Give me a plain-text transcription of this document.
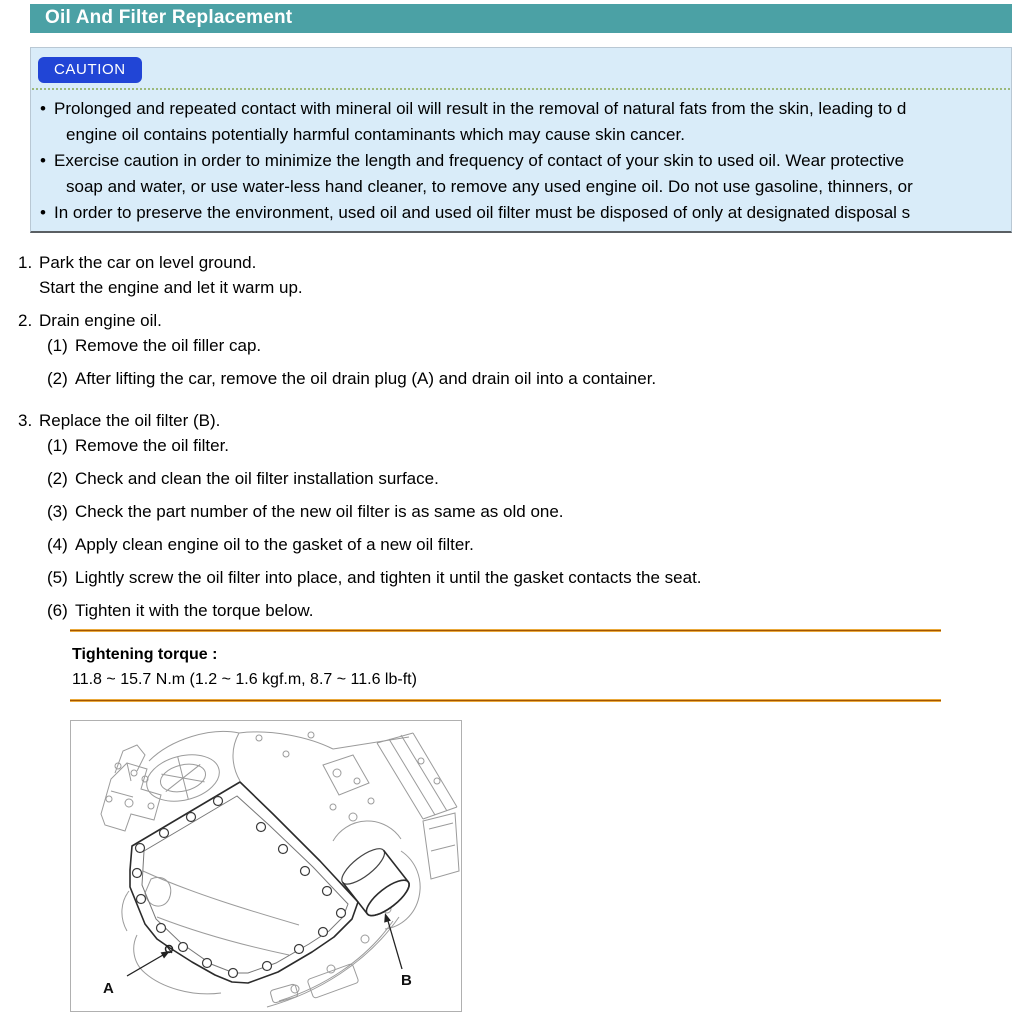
Oil And Filter Replacement
CAUTION
• Prolonged and repeated contact with mineral oil will result in the removal of natural fats from the skin, leading to d
engine oil contains potentially harmful contaminants which may cause skin cancer.
• Exercise caution in order to minimize the length and frequency of contact of your skin to used oil. Wear protective
soap and water, or use water-less hand cleaner, to remove any used engine oil. Do not use gasoline, thinners, or
• In order to preserve the environment, used oil and used oil filter must be disposed of only at designated disposal s
1. Park the car on level ground.
Start the engine and let it warm up.
2. Drain engine oil.
(1) Remove the oil filler cap.
(2) After lifting the car, remove the oil drain plug (A) and drain oil into a container.
3. Replace the oil filter (B).
(1) Remove the oil filter.
(2) Check and clean the oil filter installation surface.
(3) Check the part number of the new oil filter is as same as old one.
(4) Apply clean engine oil to the gasket of a new oil filter.
(5) Lightly screw the oil filter into place, and tighten it until the gasket contacts the seat.
(6) Tighten it with the torque below.
Tightening torque :
11.8 ~ 15.7 N.m (1.2 ~ 1.6 kgf.m, 8.7 ~ 11.6 lb-ft)
A	B
